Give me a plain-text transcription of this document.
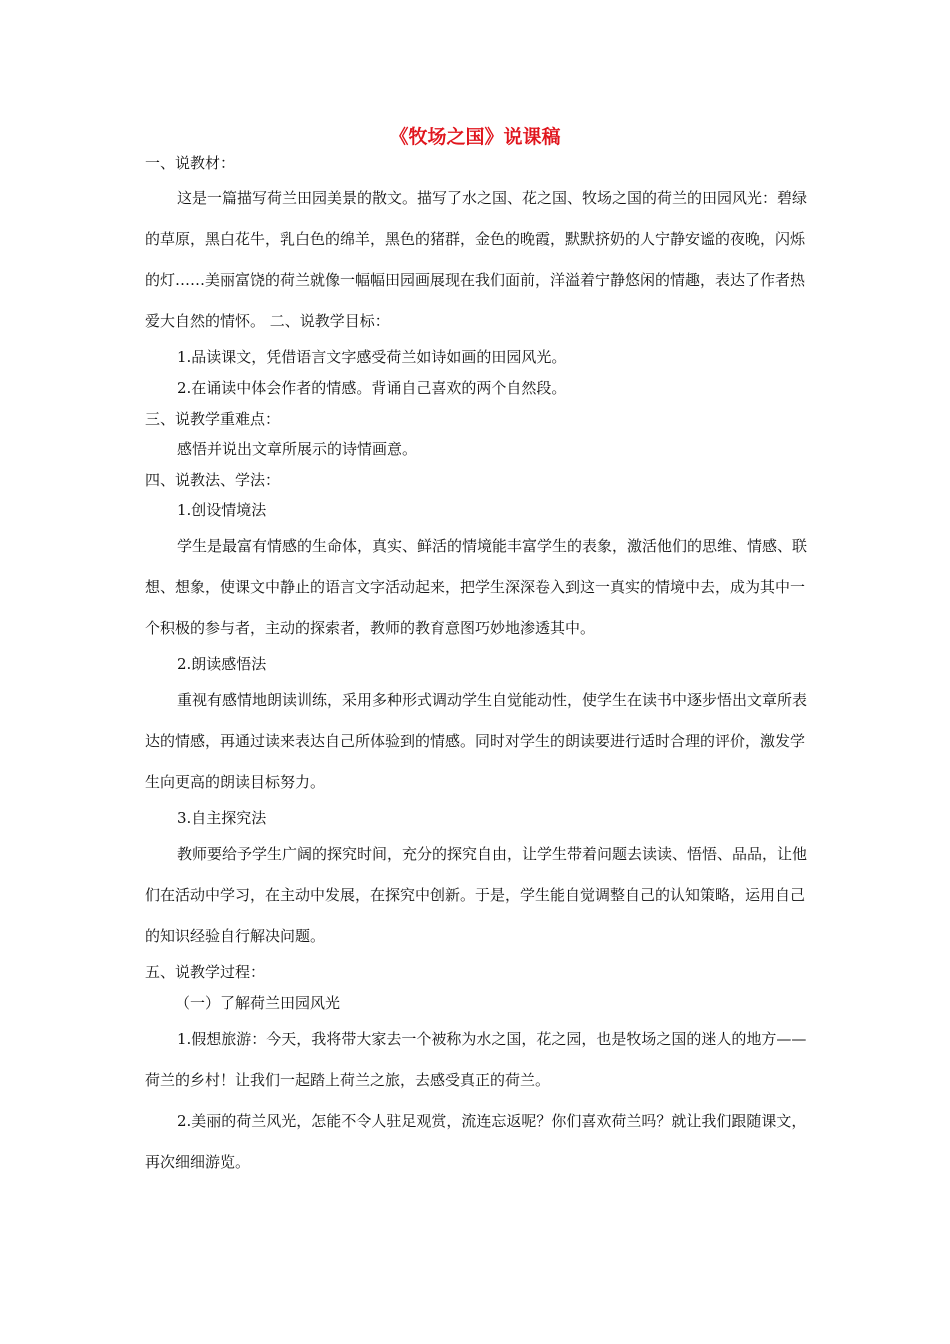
《牧场之国》说课稿

一、说教材：

这是一篇描写荷兰田园美景的散文。描写了水之国、花之国、牧场之国的荷兰的田园风光：碧绿的草原，黑白花牛，乳白色的绵羊，黑色的猪群，金色的晚霞，默默挤奶的人宁静安谧的夜晚，闪烁的灯……美丽富饶的荷兰就像一幅幅田园画展现在我们面前，洋溢着宁静悠闲的情趣，表达了作者热爱大自然的情怀。 二、说教学目标：

1.品读课文，凭借语言文字感受荷兰如诗如画的田园风光。

2.在诵读中体会作者的情感。背诵自己喜欢的两个自然段。

三、说教学重难点：

感悟并说出文章所展示的诗情画意。

四、说教法、学法：

1.创设情境法

学生是最富有情感的生命体，真实、鲜活的情境能丰富学生的表象，激活他们的思维、情感、联想、想象，使课文中静止的语言文字活动起来，把学生深深卷入到这一真实的情境中去，成为其中一个积极的参与者，主动的探索者，教师的教育意图巧妙地渗透其中。

2.朗读感悟法

重视有感情地朗读训练，采用多种形式调动学生自觉能动性，使学生在读书中逐步悟出文章所表达的情感，再通过读来表达自己所体验到的情感。同时对学生的朗读要进行适时合理的评价，激发学生向更高的朗读目标努力。

3.自主探究法

教师要给予学生广阔的探究时间，充分的探究自由，让学生带着问题去读读、悟悟、品品，让他们在活动中学习，在主动中发展，在探究中创新。于是，学生能自觉调整自己的认知策略，运用自己的知识经验自行解决问题。

五、说教学过程：

（一）了解荷兰田园风光

1.假想旅游：今天，我将带大家去一个被称为水之国，花之园，也是牧场之国的迷人的地方——荷兰的乡村！让我们一起踏上荷兰之旅，去感受真正的荷兰。

2.美丽的荷兰风光，怎能不令人驻足观赏，流连忘返呢？你们喜欢荷兰吗？就让我们跟随课文，再次细细游览。
